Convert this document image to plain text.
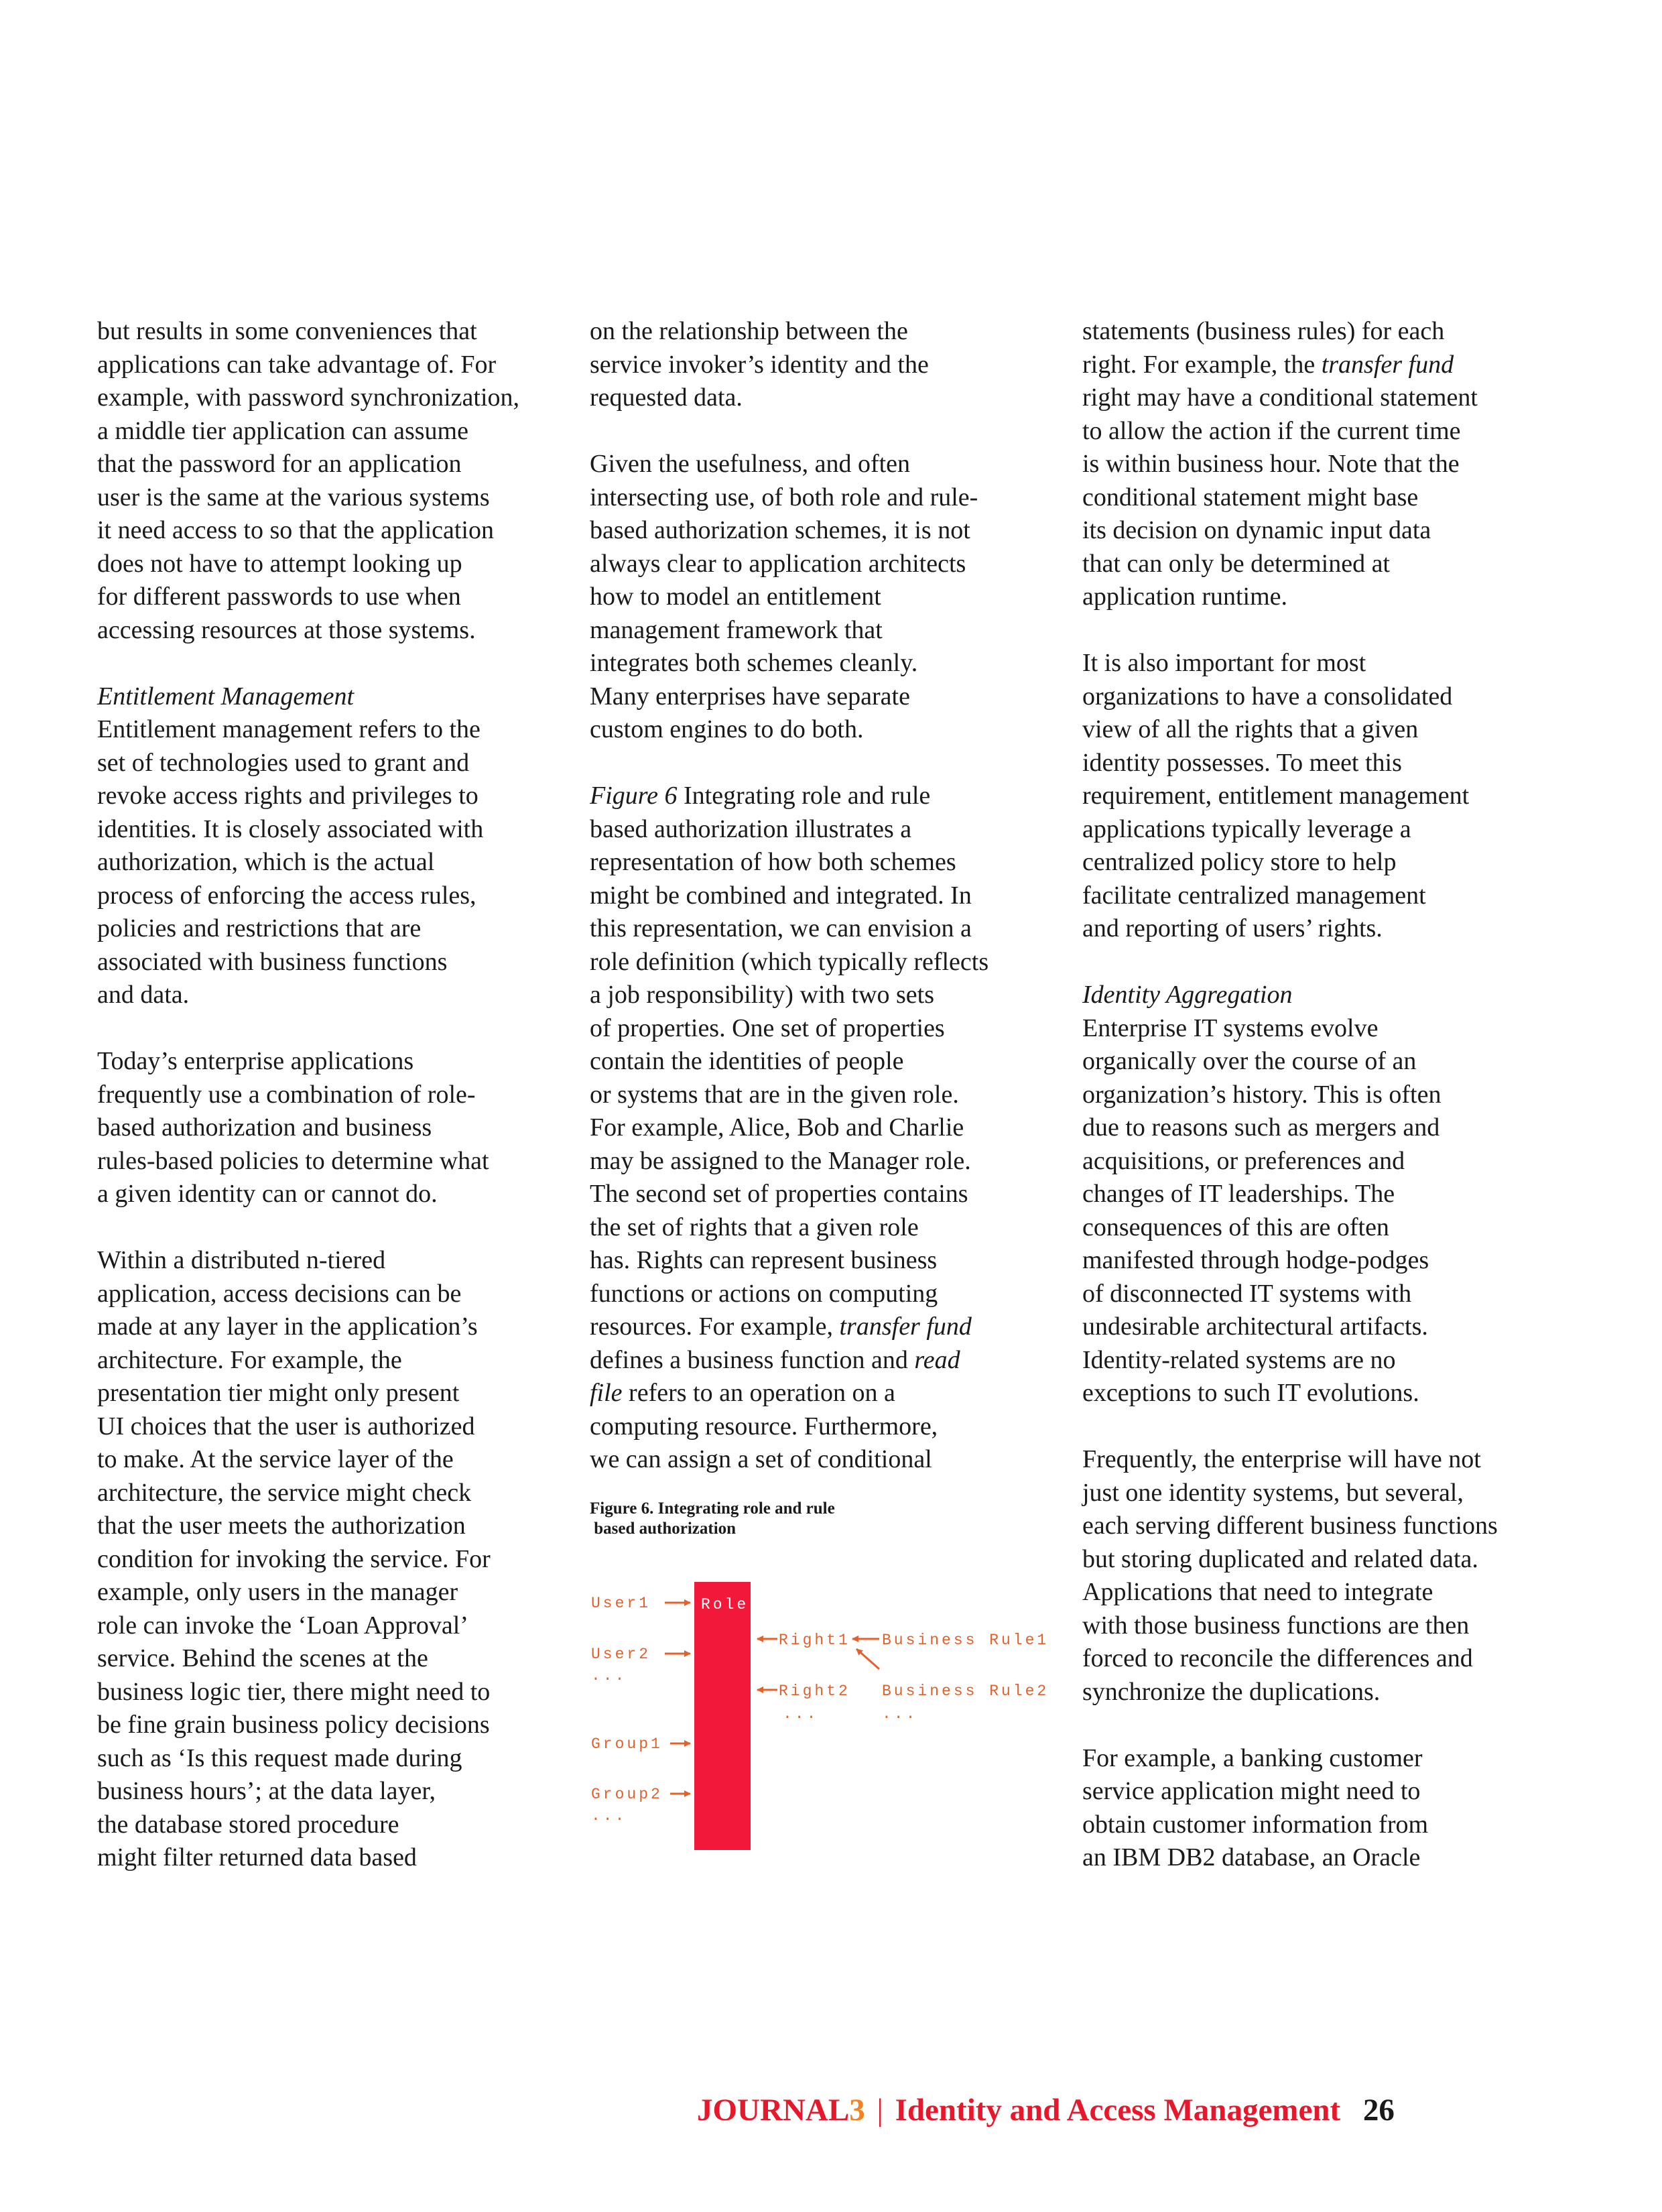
but results in some conveniences that
applications can take advantage of. For
example, with password synchronization,
a middle tier application can assume
that the password for an application
user is the same at the various systems
it need access to so that the application
does not have to attempt looking up
for different passwords to use when
accessing resources at those systems.

Entitlement Management
Entitlement management refers to the
set of technologies used to grant and
revoke access rights and privileges to
identities. It is closely associated with
authorization, which is the actual
process of enforcing the access rules,
policies and restrictions that are
associated with business functions
and data.

Today’s enterprise applications
frequently use a combination of role-
based authorization and business
rules-based policies to determine what
a given identity can or cannot do.

Within a distributed n-tiered
application, access decisions can be
made at any layer in the application’s
architecture. For example, the
presentation tier might only present
UI choices that the user is authorized
to make. At the service layer of the
architecture, the service might check
that the user meets the authorization
condition for invoking the service. For
example, only users in the manager
role can invoke the ‘Loan Approval’
service. Behind the scenes at the
business logic tier, there might need to
be fine grain business policy decisions
such as ‘Is this request made during
business hours’; at the data layer,
the database stored procedure
might filter returned data based

on the relationship between the
service invoker’s identity and the
requested data.

Given the usefulness, and often
intersecting use, of both role and rule-
based authorization schemes, it is not
always clear to application architects
how to model an entitlement
management framework that
integrates both schemes cleanly.
Many enterprises have separate
custom engines to do both.

Figure 6 Integrating role and rule
based authorization illustrates a
representation of how both schemes
might be combined and integrated. In
this representation, we can envision a
role definition (which typically reflects
a job responsibility) with two sets
of properties. One set of properties
contain the identities of people
or systems that are in the given role.
For example, Alice, Bob and Charlie
may be assigned to the Manager role.
The second set of properties contains
the set of rights that a given role
has. Rights can represent business
functions or actions on computing
resources. For example, transfer fund
defines a business function and read
file refers to an operation on a
computing resource. Furthermore,
we can assign a set of conditional

Figure 6. Integrating role and rule
based authorization
Role
User1
User2
...
Group1
Group2
...
Right1 Business Rule1
Right2 Business Rule2
...	...

statements (business rules) for each
right. For example, the transfer fund
right may have a conditional statement
to allow the action if the current time
is within business hour. Note that the
conditional statement might base
its decision on dynamic input data
that can only be determined at
application runtime.

It is also important for most
organizations to have a consolidated
view of all the rights that a given
identity possesses. To meet this
requirement, entitlement management
applications typically leverage a
centralized policy store to help
facilitate centralized management
and reporting of users’ rights.

Identity Aggregation
Enterprise IT systems evolve
organically over the course of an
organization’s history. This is often
due to reasons such as mergers and
acquisitions, or preferences and
changes of IT leaderships. The
consequences of this are often
manifested through hodge-podges
of disconnected IT systems with
undesirable architectural artifacts.
Identity-related systems are no
exceptions to such IT evolutions.

Frequently, the enterprise will have not
just one identity systems, but several,
each serving different business functions
but storing duplicated and related data.
Applications that need to integrate
with those business functions are then
forced to reconcile the differences and
synchronize the duplications.

For example, a banking customer
service application might need to
obtain customer information from
an IBM DB2 database, an Oracle

JOURNAL3 | Identity and Access Management 26
